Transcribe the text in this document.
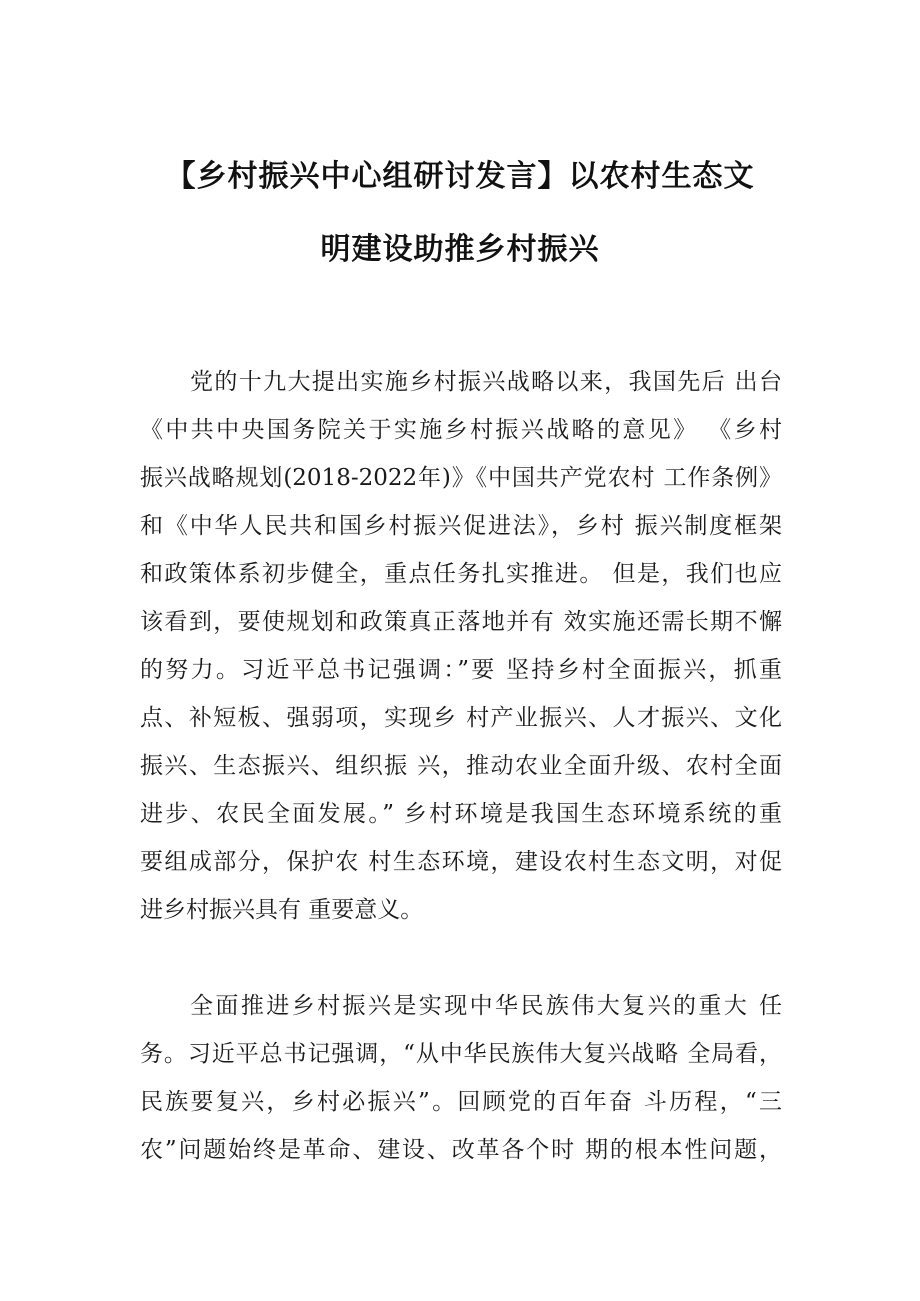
【乡村振兴中心组研讨发言】以农村生态文
明建设助推乡村振兴
党的十九大提出实施乡村振兴战略以来，我国先后 出台
《中共中央国务院关于实施乡村振兴战略的意见》 《乡村
振兴战略规划(2018-2022年)》《中国共产党农村 工作条例》
和《中华人民共和国乡村振兴促进法》，乡村 振兴制度框架
和政策体系初步健全，重点任务扎实推进。 但是，我们也应
该看到，要使规划和政策真正落地并有 效实施还需长期不懈
的努力。习近平总书记强调：”要 坚持乡村全面振兴，抓重
点、补短板、强弱项，实现乡 村产业振兴、人才振兴、文化
振兴、生态振兴、组织振 兴，推动农业全面升级、农村全面
进步、农民全面发展。” 乡村环境是我国生态环境系统的重
要组成部分，保护农 村生态环境，建设农村生态文明，对促
进乡村振兴具有 重要意义。
全面推进乡村振兴是实现中华民族伟大复兴的重大 任
务。习近平总书记强调，“从中华民族伟大复兴战略 全局看，
民族要复兴，乡村必振兴”。回顾党的百年奋 斗历程，“三
农”问题始终是革命、建设、改革各个时 期的根本性问题，
